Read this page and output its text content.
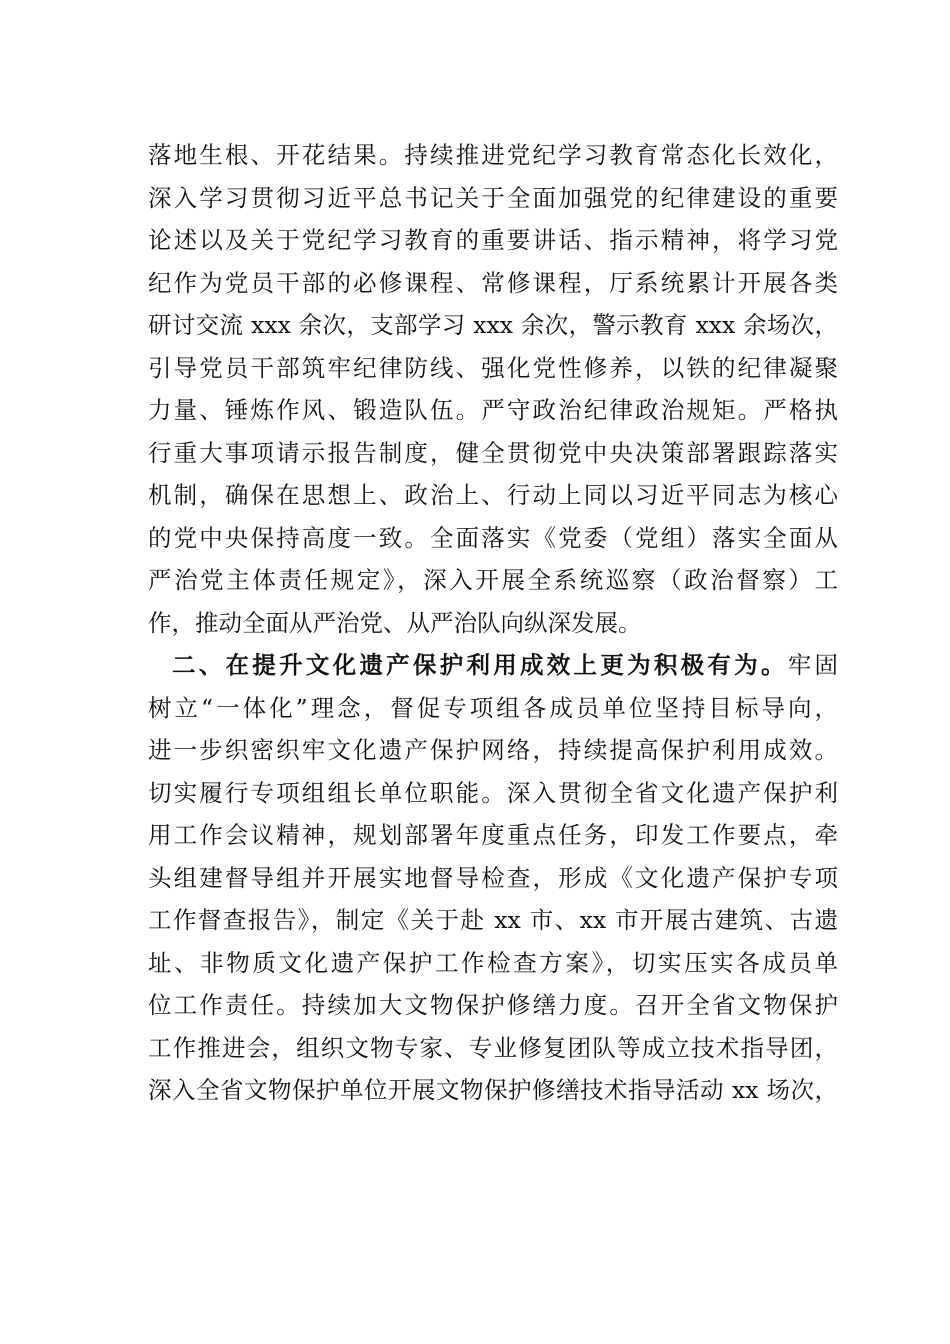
落地生根、开花结果。持续推进党纪学习教育常态化长效化，
深入学习贯彻习近平总书记关于全面加强党的纪律建设的重要
论述以及关于党纪学习教育的重要讲话、指示精神，将学习党
纪作为党员干部的必修课程、常修课程，厅系统累计开展各类
研讨交流 xxx 余次，支部学习 xxx 余次，警示教育 xxx 余场次，
引导党员干部筑牢纪律防线、强化党性修养，以铁的纪律凝聚
力量、锤炼作风、锻造队伍。严守政治纪律政治规矩。严格执
行重大事项请示报告制度，健全贯彻党中央决策部署跟踪落实
机制，确保在思想上、政治上、行动上同以习近平同志为核心
的党中央保持高度一致。全面落实《党委（党组）落实全面从
严治党主体责任规定》，深入开展全系统巡察（政治督察）工
作，推动全面从严治党、从严治队向纵深发展。
二、在提升文化遗产保护利用成效上更为积极有为。牢固
树立“一体化”理念，督促专项组各成员单位坚持目标导向，
进一步织密织牢文化遗产保护网络，持续提高保护利用成效。
切实履行专项组组长单位职能。深入贯彻全省文化遗产保护利
用工作会议精神，规划部署年度重点任务，印发工作要点，牵
头组建督导组并开展实地督导检查，形成《文化遗产保护专项
工作督查报告》，制定《关于赴 xx 市、xx 市开展古建筑、古遗
址、非物质文化遗产保护工作检查方案》，切实压实各成员单
位工作责任。持续加大文物保护修缮力度。召开全省文物保护
工作推进会，组织文物专家、专业修复团队等成立技术指导团，
深入全省文物保护单位开展文物保护修缮技术指导活动 xx 场次，
